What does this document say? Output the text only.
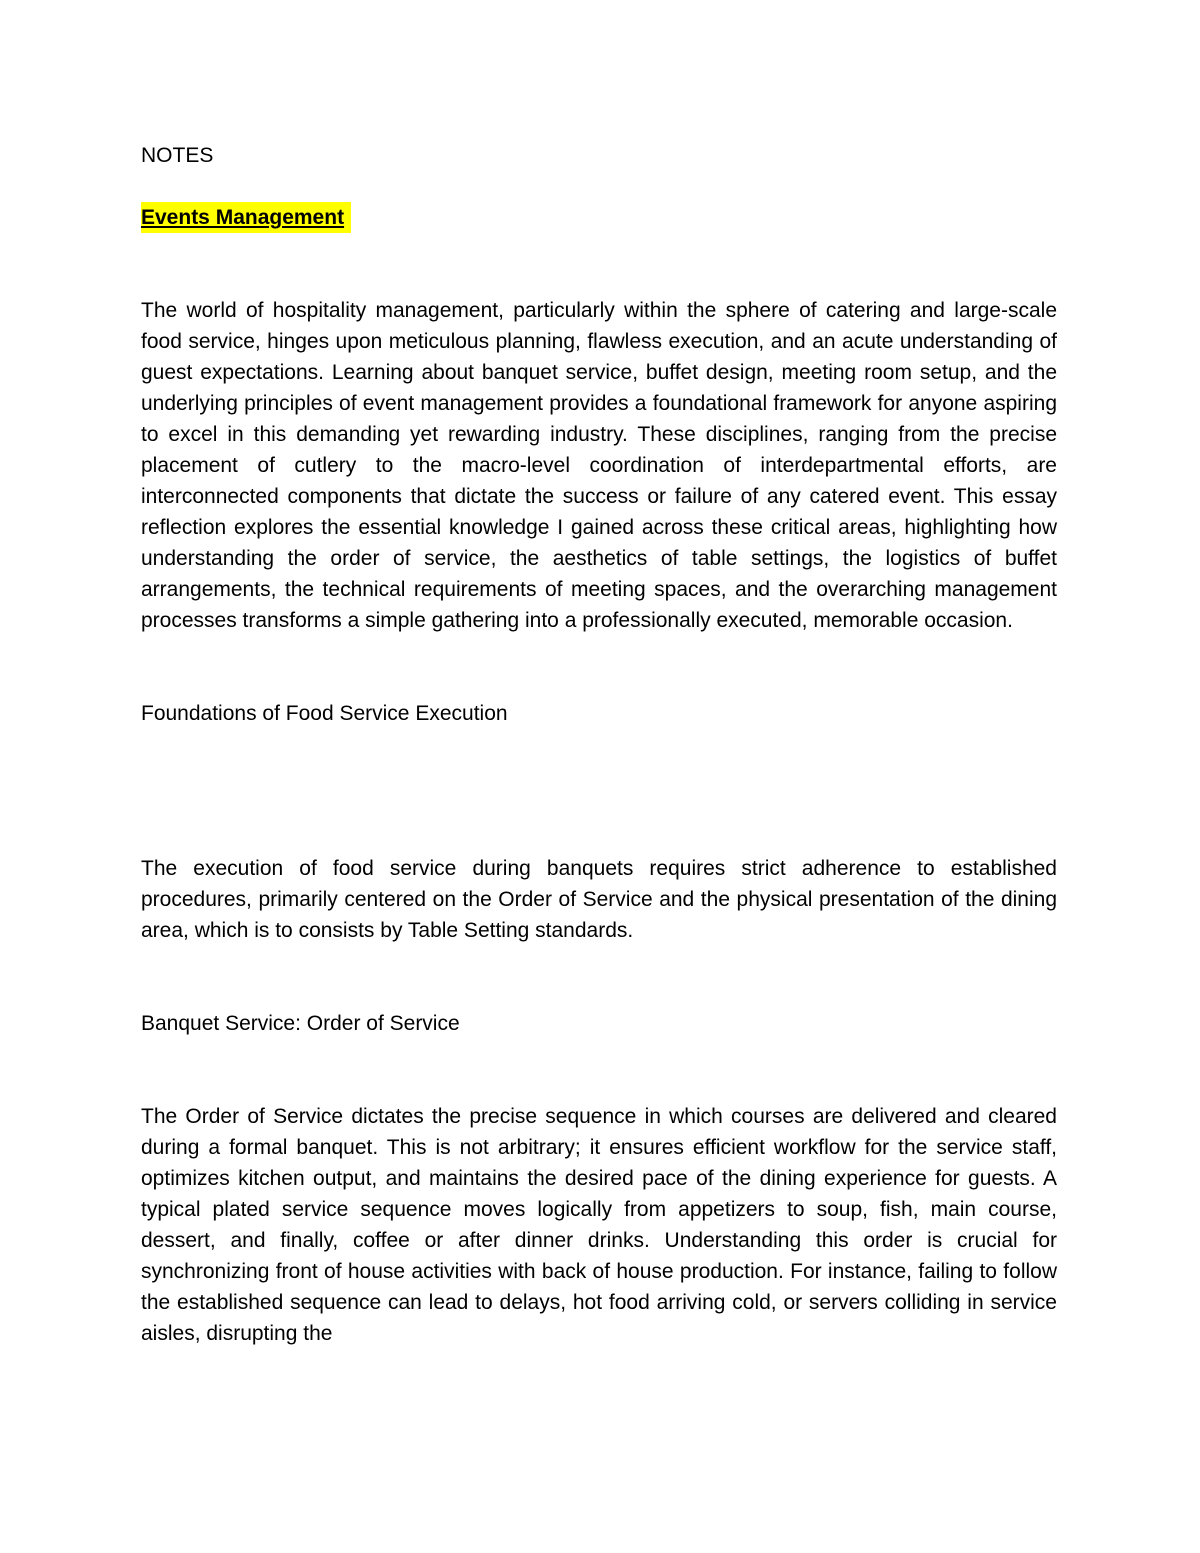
NOTES

Events Management

The world of hospitality management, particularly within the sphere of catering and large-scale food service, hinges upon meticulous planning, flawless execution, and an acute understanding of guest expectations. Learning about banquet service, buffet design, meeting room setup, and the underlying principles of event management provides a foundational framework for anyone aspiring to excel in this demanding yet rewarding industry. These disciplines, ranging from the precise placement of cutlery to the macro-level coordination of interdepartmental efforts, are interconnected components that dictate the success or failure of any catered event. This essay reflection explores the essential knowledge I gained across these critical areas, highlighting how understanding the order of service, the aesthetics of table settings, the logistics of buffet arrangements, the technical requirements of meeting spaces, and the overarching management processes transforms a simple gathering into a professionally executed, memorable occasion.

Foundations of Food Service Execution

The execution of food service during banquets requires strict adherence to established procedures, primarily centered on the Order of Service and the physical presentation of the dining area, which is to consists by Table Setting standards.

Banquet Service: Order of Service

The Order of Service dictates the precise sequence in which courses are delivered and cleared during a formal banquet. This is not arbitrary; it ensures efficient workflow for the service staff, optimizes kitchen output, and maintains the desired pace of the dining experience for guests. A typical plated service sequence moves logically from appetizers to soup, fish, main course, dessert, and finally, coffee or after dinner drinks. Understanding this order is crucial for synchronizing front of house activities with back of house production. For instance, failing to follow the established sequence can lead to delays, hot food arriving cold, or servers colliding in service aisles, disrupting the
